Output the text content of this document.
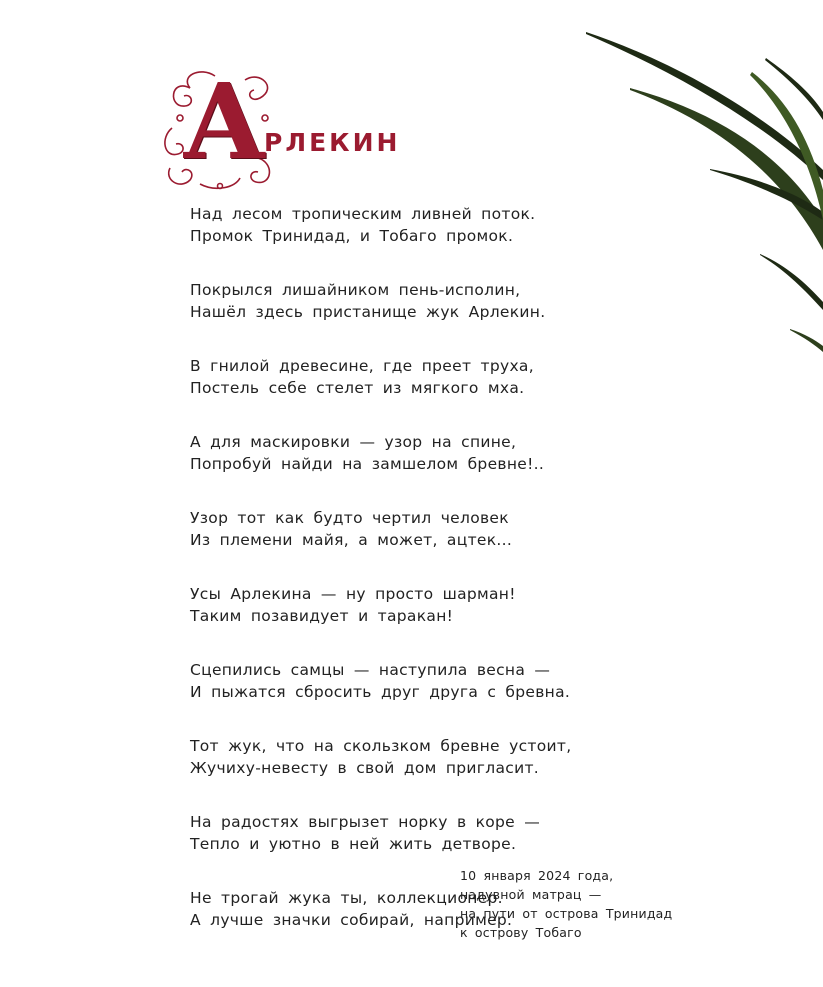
А
РЛЕКИН
Над лесом тропическим ливней поток.
Промок Тринидад, и Тобаго промок.
Покрылся лишайником пень-исполин,
Нашёл здесь пристанище жук Арлекин.
В гнилой древесине, где преет труха,
Постель себе стелет из мягкого мха.
А для маскировки — узор на спине,
Попробуй найди на замшелом бревне!..
Узор тот как будто чертил человек
Из племени майя, а может, ацтек...
Усы Арлекина — ну просто шарман!
Таким позавидует и таракан!
Сцепились самцы — наступила весна —
И пыжатся сбросить друг друга с бревна.
Тот жук, что на скользком бревне устоит,
Жучиху-невесту в свой дом пригласит.
На радостях выгрызет норку в коре —
Тепло и уютно в ней жить детворе.
Не трогай жука ты, коллекционер.
А лучше значки собирай, например.
10 января 2024 года,
надувной матрац —
на пути от острова Тринидад
к острову Тобаго
